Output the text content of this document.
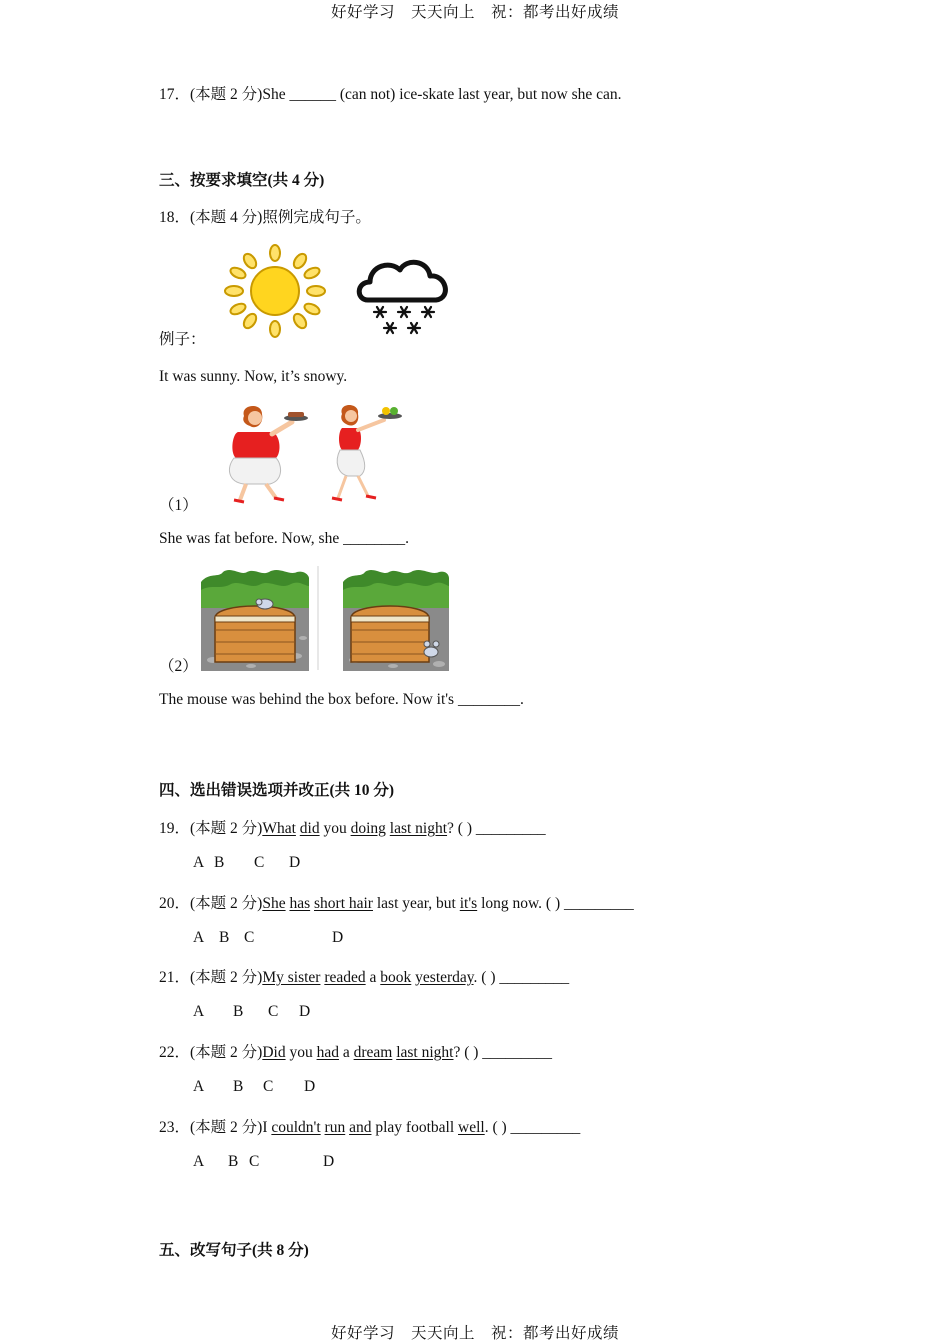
好好学习　天天向上　祝：都考出好成绩
17．(本题 2 分)She ______ (can not) ice-skate last year, but now she can.
三、按要求填空(共 4 分)
18．(本题 4 分)照例完成句子。
例子：
It was sunny. Now, it’s snowy.
（1）
She was fat before. Now, she ________.
（2）
The mouse was behind the box before. Now it's ________.
四、选出错误选项并改正(共 10 分)
19．(本题 2 分)What did you doing last night? ( ) _________
A B C D
20．(本题 2 分)She has short hair last year, but it's long now. ( ) _________
A B C	D
21．(本题 2 分)My sister readed a book yesterday. ( ) _________
A B C D
22．(本题 2 分)Did you had a dream last night? ( ) _________
A B C D
23．(本题 2 分)I couldn't run and play football well. ( ) _________
A B C	D
五、改写句子(共 8 分)
好好学习　天天向上　祝：都考出好成绩
